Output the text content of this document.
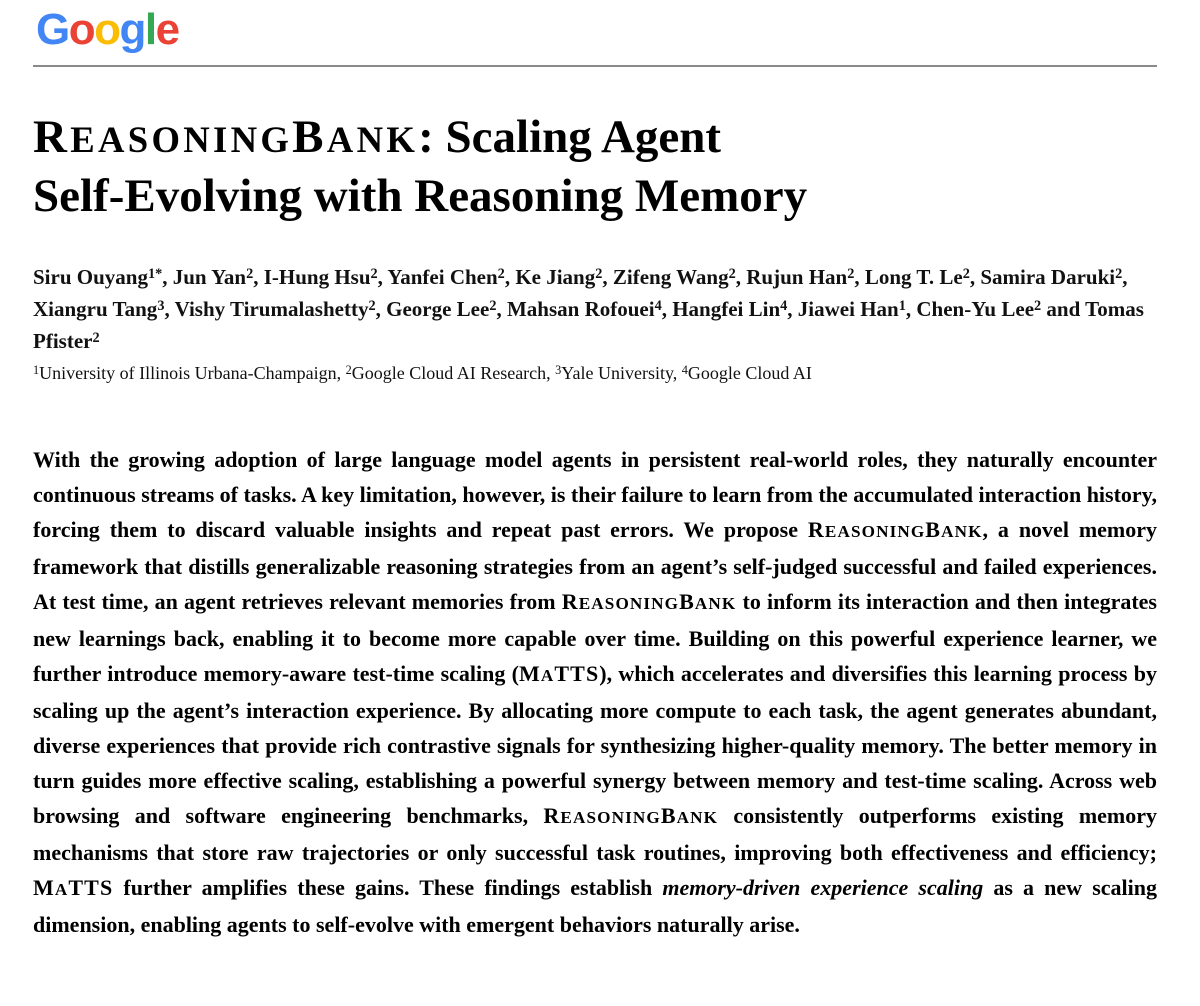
Google
REASONINGBANK: Scaling Agent
Self-Evolving with Reasoning Memory

Siru Ouyang$^{1*}$, Jun Yan$^2$, I-Hung Hsu$^2$, Yanfei Chen$^2$, Ke Jiang$^2$, Zifeng Wang$^2$, Rujun Han$^2$, Long T. Le$^2$, Samira Daruki$^2$, Xiangru Tang$^3$, Vishy Tirumalashetty$^2$, George Lee$^2$, Mahsan Rofouei$^4$, Hangfei Lin$^4$, Jiawei Han$^1$, Chen-Yu Lee$^2$ and Tomas Pfister$^2$

$^1$University of Illinois Urbana-Champaign, $^2$Google Cloud AI Research, $^3$Yale University, $^4$Google Cloud AI

With the growing adoption of large language model agents in persistent real-world roles, they naturally encounter continuous streams of tasks. A key limitation, however, is their failure to learn from the accumulated interaction history, forcing them to discard valuable insights and repeat past errors. We propose REASONINGBANK, a novel memory framework that distills generalizable reasoning strategies from an agent’s self-judged successful and failed experiences. At test time, an agent retrieves relevant memories from REASONINGBANK to inform its interaction and then integrates new learnings back, enabling it to become more capable over time. Building on this powerful experience learner, we further introduce memory-aware test-time scaling (MATTS), which accelerates and diversifies this learning process by scaling up the agent’s interaction experience. By allocating more compute to each task, the agent generates abundant, diverse experiences that provide rich contrastive signals for synthesizing higher-quality memory. The better memory in turn guides more effective scaling, establishing a powerful synergy between memory and test-time scaling. Across web browsing and software engineering benchmarks, REASONINGBANK consistently outperforms existing memory mechanisms that store raw trajectories or only successful task routines, improving both effectiveness and efficiency; MATTS further amplifies these gains. These findings establish memory-driven experience scaling as a new scaling dimension, enabling agents to self-evolve with emergent behaviors naturally arise.
